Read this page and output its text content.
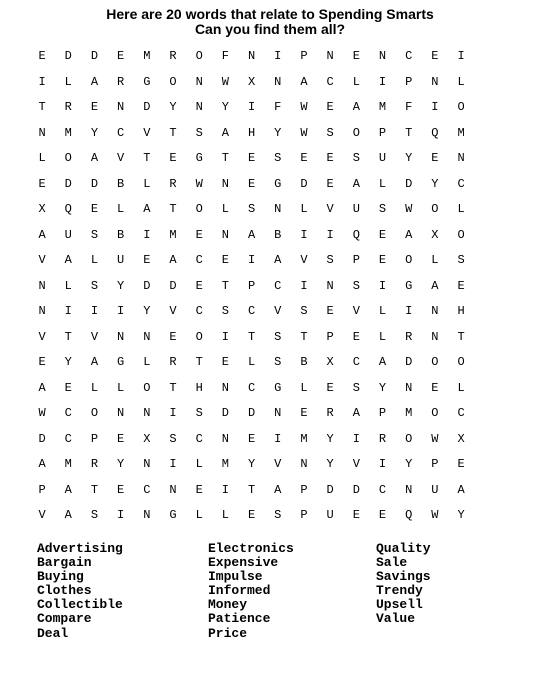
Here are 20 words that relate to Spending Smarts
Can you find them all?
E	D	D	E	M	R	O	F	N	I	P	N	E	N	C	E	I
I	L	A	R	G	O	N	W	X	N	A	C	L	I	P	N	L
T	R	E	N	D	Y	N	Y	I	F	W	E	A	M	F	I	O
N	M	Y	C	V	T	S	A	H	Y	W	S	O	P	T	Q	M
L	O	A	V	T	E	G	T	E	S	E	E	S	U	Y	E	N
E	D	D	B	L	R	W	N	E	G	D	E	A	L	D	Y	C
X	Q	E	L	A	T	O	L	S	N	L	V	U	S	W	O	L
A	U	S	B	I	M	E	N	A	B	I	I	Q	E	A	X	O
V	A	L	U	E	A	C	E	I	A	V	S	P	E	O	L	S
N	L	S	Y	D	D	E	T	P	C	I	N	S	I	G	A	E
N	I	I	I	Y	V	C	S	C	V	S	E	V	L	I	N	H
V	T	V	N	N	E	O	I	T	S	T	P	E	L	R	N	T
E	Y	A	G	L	R	T	E	L	S	B	X	C	A	D	O	O
A	E	L	L	O	T	H	N	C	G	L	E	S	Y	N	E	L
W	C	O	N	N	I	S	D	D	N	E	R	A	P	M	O	C
D	C	P	E	X	S	C	N	E	I	M	Y	I	R	O	W	X
A	M	R	Y	N	I	L	M	Y	V	N	Y	V	I	Y	P	E
P	A	T	E	C	N	E	I	T	A	P	D	D	C	N	U	A
V	A	S	I	N	G	L	L	E	S	P	U	E	E	Q	W	Y
Advertising
Bargain
Buying
Clothes
Collectible
Compare
Deal
Electronics
Expensive
Impulse
Informed
Money
Patience
Price
Quality
Sale
Savings
Trendy
Upsell
Value
